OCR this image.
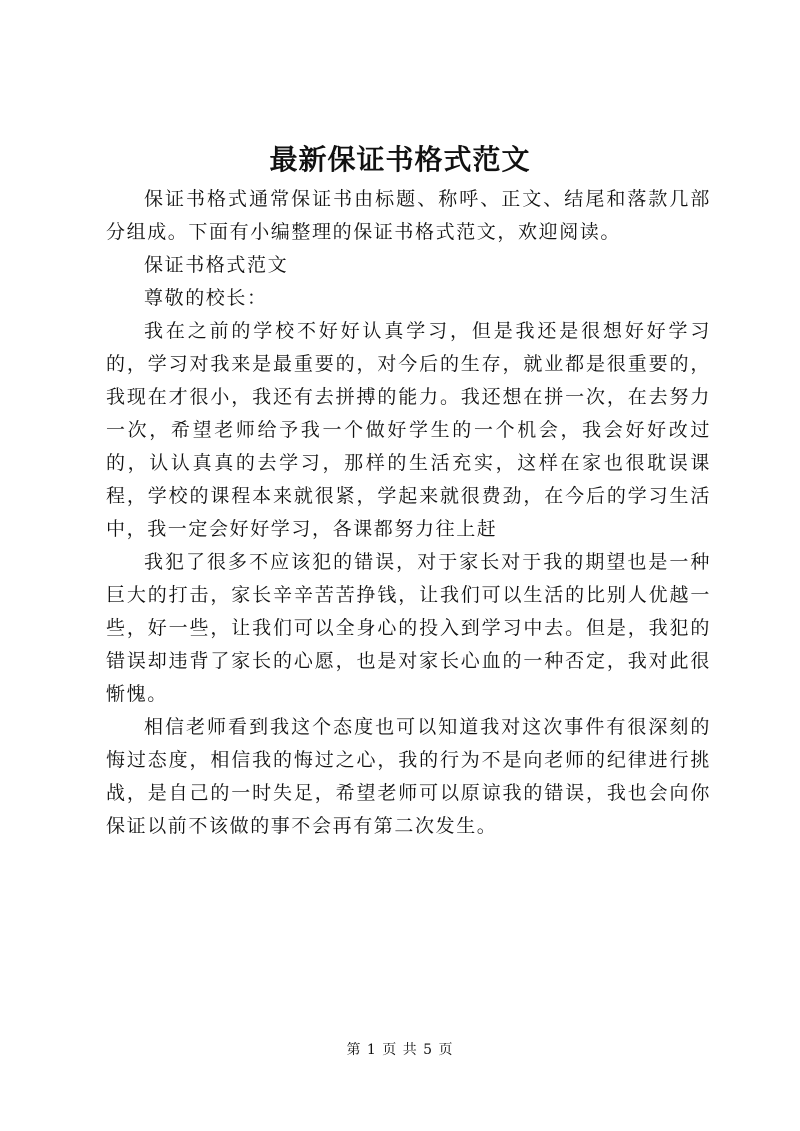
最新保证书格式范文

保证书格式通常保证书由标题、称呼、正文、结尾和落款几部分组成。下面有小编整理的保证书格式范文，欢迎阅读。

保证书格式范文

尊敬的校长：

我在之前的学校不好好认真学习，但是我还是很想好好学习的，学习对我来是最重要的，对今后的生存，就业都是很重要的，我现在才很小，我还有去拼搏的能力。我还想在拼一次，在去努力一次，希望老师给予我一个做好学生的一个机会，我会好好改过的，认认真真的去学习，那样的生活充实，这样在家也很耽误课程，学校的课程本来就很紧，学起来就很费劲，在今后的学习生活中，我一定会好好学习，各课都努力往上赶

我犯了很多不应该犯的错误，对于家长对于我的期望也是一种巨大的打击，家长辛辛苦苦挣钱，让我们可以生活的比别人优越一些，好一些，让我们可以全身心的投入到学习中去。但是，我犯的错误却违背了家长的心愿，也是对家长心血的一种否定，我对此很惭愧。

相信老师看到我这个态度也可以知道我对这次事件有很深刻的悔过态度，相信我的悔过之心，我的行为不是向老师的纪律进行挑战，是自己的一时失足，希望老师可以原谅我的错误，我也会向你保证以前不该做的事不会再有第二次发生。

第 1 页 共 5 页
